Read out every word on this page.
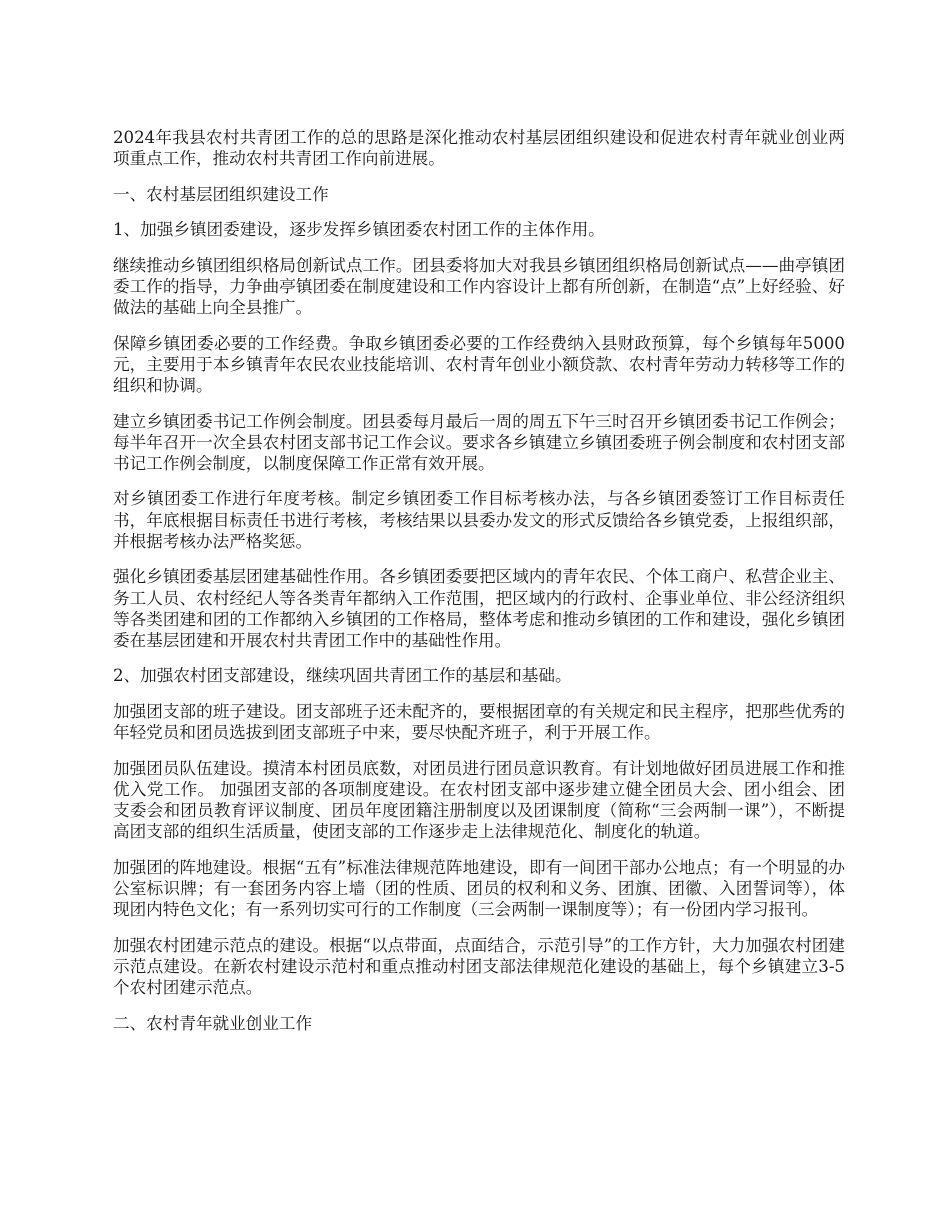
2024年我县农村共青团工作的总的思路是深化推动农村基层团组织建设和促进农村青年就业创业两项重点工作，推动农村共青团工作向前进展。

一、农村基层团组织建设工作

1、加强乡镇团委建设，逐步发挥乡镇团委农村团工作的主体作用。

继续推动乡镇团组织格局创新试点工作。团县委将加大对我县乡镇团组织格局创新试点——曲亭镇团委工作的指导，力争曲亭镇团委在制度建设和工作内容设计上都有所创新，在制造“点”上好经验、好做法的基础上向全县推广。

保障乡镇团委必要的工作经费。争取乡镇团委必要的工作经费纳入县财政预算，每个乡镇每年5000元，主要用于本乡镇青年农民农业技能培训、农村青年创业小额贷款、农村青年劳动力转移等工作的组织和协调。

建立乡镇团委书记工作例会制度。团县委每月最后一周的周五下午三时召开乡镇团委书记工作例会；每半年召开一次全县农村团支部书记工作会议。要求各乡镇建立乡镇团委班子例会制度和农村团支部书记工作例会制度，以制度保障工作正常有效开展。

对乡镇团委工作进行年度考核。制定乡镇团委工作目标考核办法，与各乡镇团委签订工作目标责任书，年底根据目标责任书进行考核，考核结果以县委办发文的形式反馈给各乡镇党委，上报组织部，并根据考核办法严格奖惩。

强化乡镇团委基层团建基础性作用。各乡镇团委要把区域内的青年农民、个体工商户、私营企业主、务工人员、农村经纪人等各类青年都纳入工作范围，把区域内的行政村、企事业单位、非公经济组织等各类团建和团的工作都纳入乡镇团的工作格局，整体考虑和推动乡镇团的工作和建设，强化乡镇团委在基层团建和开展农村共青团工作中的基础性作用。

2、加强农村团支部建设，继续巩固共青团工作的基层和基础。

加强团支部的班子建设。团支部班子还未配齐的，要根据团章的有关规定和民主程序，把那些优秀的年轻党员和团员选拔到团支部班子中来，要尽快配齐班子，利于开展工作。

加强团员队伍建设。摸清本村团员底数，对团员进行团员意识教育。有计划地做好团员进展工作和推优入党工作。 加强团支部的各项制度建设。在农村团支部中逐步建立健全团员大会、团小组会、团支委会和团员教育评议制度、团员年度团籍注册制度以及团课制度（简称“三会两制一课”），不断提高团支部的组织生活质量，使团支部的工作逐步走上法律规范化、制度化的轨道。

加强团的阵地建设。根据“五有”标准法律规范阵地建设，即有一间团干部办公地点；有一个明显的办公室标识牌；有一套团务内容上墙（团的性质、团员的权利和义务、团旗、团徽、入团誓词等），体现团内特色文化；有一系列切实可行的工作制度（三会两制一课制度等）；有一份团内学习报刊。

加强农村团建示范点的建设。根据“以点带面，点面结合，示范引导”的工作方针，大力加强农村团建示范点建设。在新农村建设示范村和重点推动村团支部法律规范化建设的基础上，每个乡镇建立3-5个农村团建示范点。

二、农村青年就业创业工作
